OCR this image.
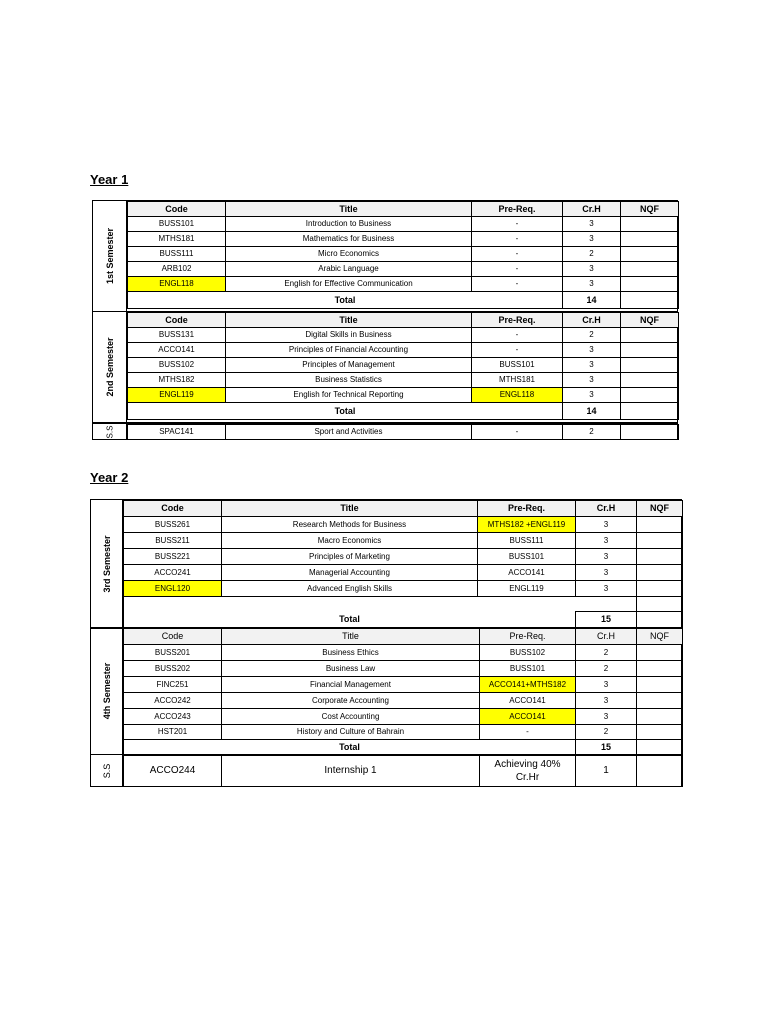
Year 1
1st Semester
Code	Title	Pre-Req.	Cr.H	NQF
BUSS101	Introduction to Business	-	3	
MTHS181	Mathematics for Business	-	3	
BUSS111	Micro Economics	-	2	
ARB102	Arabic Language	-	3	
ENGL118	English for Effective Communication	-	3	
Total			14	
2nd Semester
Code	Title	Pre-Req.	Cr.H	NQF
BUSS131	Digital Skills in Business	-	2	
ACCO141	Principles of Financial Accounting	-	3	
BUSS102	Principles of Management	BUSS101	3	
MTHS182	Business Statistics	MTHS181	3	
ENGL119	English for Technical Reporting	ENGL118	3	
Total			14	
S.S	SPAC141	Sport and Activities	-	2	
Year 2
3rd Semester
Code	Title	Pre-Req.	Cr.H	NQF
BUSS261	Research Methods for Business	MTHS182 +ENGL119	3	
BUSS211	Macro Economics	BUSS111	3	
BUSS221	Principles of Marketing	BUSS101	3	
ACCO241	Managerial Accounting	ACCO141	3	
ENGL120	Advanced English Skills	ENGL119	3	

Total			15	
4th Semester
Code	Title	Pre-Req.	Cr.H	NQF
BUSS201	Business Ethics	BUSS102	2	
BUSS202	Business Law	BUSS101	2	
FINC251	Financial Management	ACCO141+MTHS182	3	
ACCO242	Corporate Accounting	ACCO141	3	
ACCO243	Cost Accounting	ACCO141	3	
HST201	History and Culture of Bahrain	-	2	
Total			15	
S.S	ACCO244	Internship 1	Achieving 40% Cr.Hr	1	
